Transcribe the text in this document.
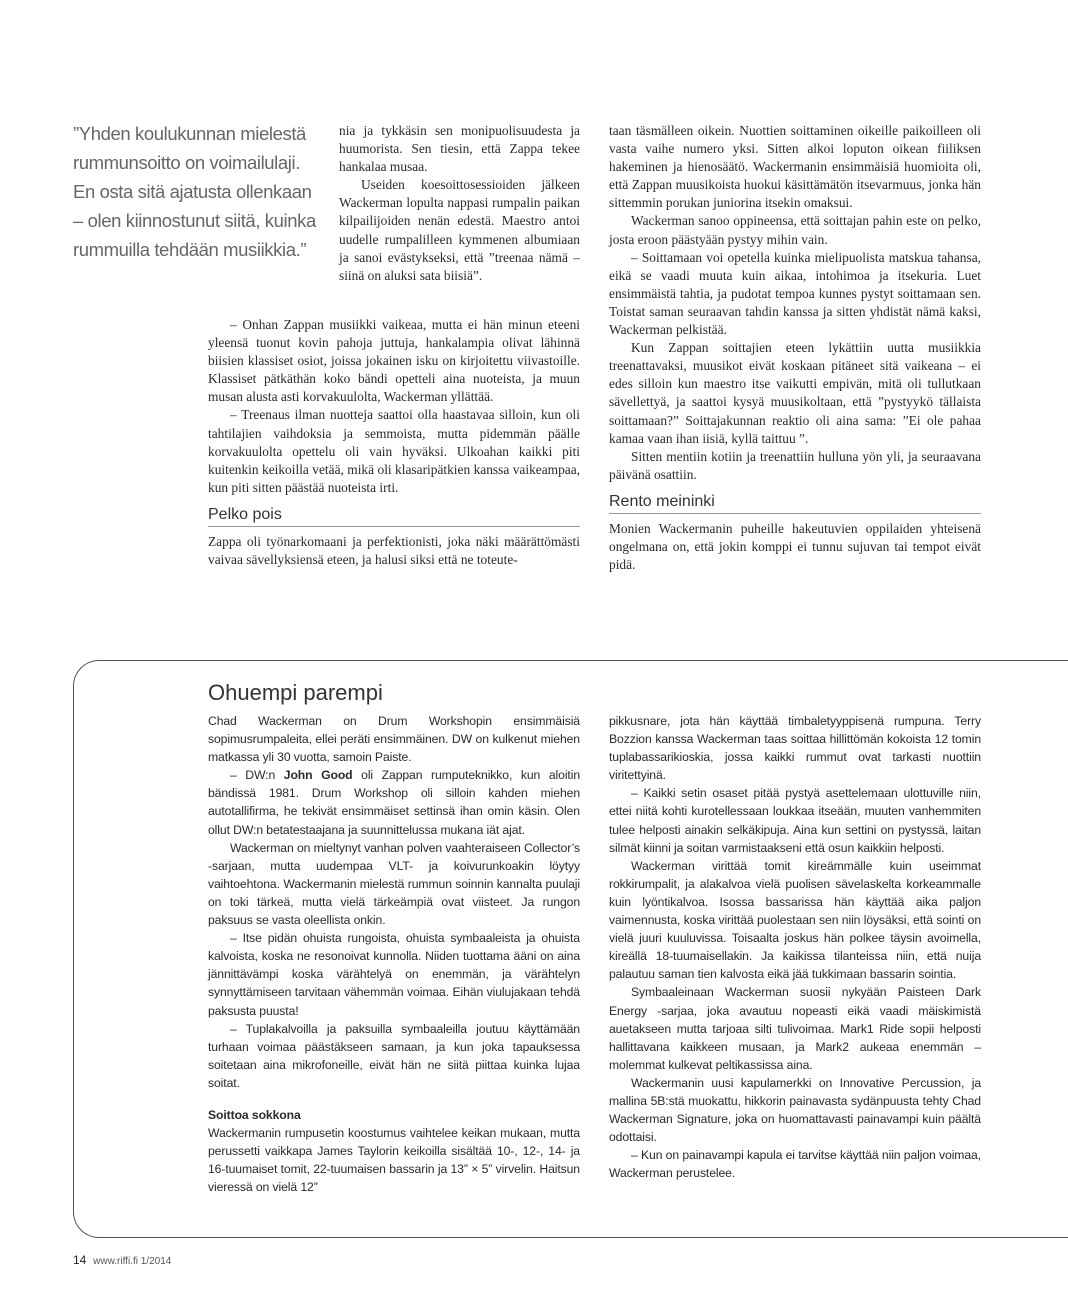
”Yhden koulukunnan mielestä rummunsoitto on voimailulaji. En osta sitä ajatusta ollenkaan – olen kiinnostunut siitä, kuinka rummuilla tehdään musiikkia.”

nia ja tykkäsin sen monipuolisuudesta ja huumorista. Sen tiesin, että Zappa tekee hankalaa musaa.

Useiden koesoittosessioiden jälkeen Wackerman lopulta nappasi rumpalin paikan kilpailijoiden nenän edestä. Maestro antoi uudelle rumpalilleen kymmenen albumiaan ja sanoi evästykseksi, että ”treenaa nämä – siinä on aluksi sata biisiä”.

– Onhan Zappan musiikki vaikeaa, mutta ei hän minun eteeni yleensä tuonut kovin pahoja juttuja, hankalampia olivat lähinnä biisien klassiset osiot, joissa jokainen isku on kirjoitettu viivastoille. Klassiset pätkäthän koko bändi opetteli aina nuoteista, ja muun musan alusta asti korvakuulolta, Wackerman yllättää.

– Treenaus ilman nuotteja saattoi olla haastavaa silloin, kun oli tahtilajien vaihdoksia ja semmoista, mutta pidemmän päälle korvakuulolta opettelu oli vain hyväksi. Ulkoahan kaikki piti kuitenkin keikoilla vetää, mikä oli klasaripätkien kanssa vaikeampaa, kun piti sitten päästää nuoteista irti.

Pelko pois

Zappa oli työnarkomaani ja perfektionisti, joka näki määrättömästi vaivaa sävellyksiensä eteen, ja halusi siksi että ne toteute-

taan täsmälleen oikein. Nuottien soittaminen oikeille paikoilleen oli vasta vaihe numero yksi. Sitten alkoi loputon oikean fiiliksen hakeminen ja hienosäätö. Wackermanin ensimmäisiä huomioita oli, että Zappan muusikoista huokui käsittämätön itsevarmuus, jonka hän sittemmin porukan juniorina itsekin omaksui.

Wackerman sanoo oppineensa, että soittajan pahin este on pelko, josta eroon päästyään pystyy mihin vain.

– Soittamaan voi opetella kuinka mielipuolista matskua tahansa, eikä se vaadi muuta kuin aikaa, intohimoa ja itsekuria. Luet ensimmäistä tahtia, ja pudotat tempoa kunnes pystyt soittamaan sen. Toistat saman seuraavan tahdin kanssa ja sitten yhdistät nämä kaksi, Wackerman pelkistää.

Kun Zappan soittajien eteen lykättiin uutta musiikkia treenattavaksi, muusikot eivät koskaan pitäneet sitä vaikeana – ei edes silloin kun maestro itse vaikutti empivän, mitä oli tullutkaan sävellettyä, ja saattoi kysyä muusikoltaan, että ”pystyykö tällaista soittamaan?” Soittajakunnan reaktio oli aina sama: ”Ei ole pahaa kamaa vaan ihan iisiä, kyllä taittuu ”.

Sitten mentiin kotiin ja treenattiin hulluna yön yli, ja seuraavana päivänä osattiin.

Rento meininki

Monien Wackermanin puheille hakeutuvien oppilaiden yhteisenä ongelmana on, että jokin komppi ei tunnu sujuvan tai tempot eivät pidä.

Ohuempi parempi

Chad Wackerman on Drum Workshopin ensimmäisiä sopimusrumpaleita, ellei peräti ensimmäinen. DW on kulkenut miehen matkassa yli 30 vuotta, samoin Paiste.

– DW:n John Good oli Zappan rumputeknikko, kun aloitin bändissä 1981. Drum Workshop oli silloin kahden miehen autotallifirma, he tekivät ensimmäiset settinsä ihan omin käsin. Olen ollut DW:n betatestaajana ja suunnittelussa mukana iät ajat.

Wackerman on mieltynyt vanhan polven vaahteraiseen Collector’s -sarjaan, mutta uudempaa VLT- ja koivurunkoakin löytyy vaihtoehtona. Wackermanin mielestä rummun soinnin kannalta puulaji on toki tärkeä, mutta vielä tärkeämpiä ovat viisteet. Ja rungon paksuus se vasta oleellista onkin.

– Itse pidän ohuista rungoista, ohuista symbaaleista ja ohuista kalvoista, koska ne resonoivat kunnolla. Niiden tuottama ääni on aina jännittävämpi koska värähtelyä on enemmän, ja värähtelyn synnyttämiseen tarvitaan vähemmän voimaa. Eihän viulujakaan tehdä paksusta puusta!

– Tuplakalvoilla ja paksuilla symbaaleilla joutuu käyttämään turhaan voimaa päästäkseen samaan, ja kun joka tapauksessa soitetaan aina mikrofoneille, eivät hän ne siitä piittaa kuinka lujaa soitat.

Soittoa sokkona

Wackermanin rumpusetin koostumus vaihtelee keikan mukaan, mutta perussetti vaikkapa James Taylorin keikoilla sisältää 10-, 12-, 14- ja 16-tuumaiset tomit, 22-tuumaisen bassarin ja 13” × 5” virvelin. Haitsun vieressä on vielä 12”

pikkusnare, jota hän käyttää timbaletyyppisenä rumpuna. Terry Bozzion kanssa Wackerman taas soittaa hillittömän kokoista 12 tomin tuplabassarikioskia, jossa kaikki rummut ovat tarkasti nuottiin viritettyinä.

– Kaikki setin osaset pitää pystyä asettelemaan ulottuville niin, ettei niitä kohti kurotellessaan loukkaa itseään, muuten vanhemmiten tulee helposti ainakin selkäkipuja. Aina kun settini on pystyssä, laitan silmät kiinni ja soitan varmistaakseni että osun kaikkiin helposti.

Wackerman virittää tomit kireämmälle kuin useimmat rokkirumpalit, ja alakalvoa vielä puolisen sävelaskelta korkeammalle kuin lyöntikalvoa. Isossa bassarissa hän käyttää aika paljon vaimennusta, koska virittää puolestaan sen niin löysäksi, että sointi on vielä juuri kuuluvissa. Toisaalta joskus hän polkee täysin avoimella, kireällä 18-tuumaisellakin. Ja kaikissa tilanteissa niin, että nuija palautuu saman tien kalvosta eikä jää tukkimaan bassarin sointia.

Symbaaleinaan Wackerman suosii nykyään Paisteen Dark Energy -sarjaa, joka avautuu nopeasti eikä vaadi mäiskimistä auetakseen mutta tarjoaa silti tulivoimaa. Mark1 Ride sopii helposti hallittavana kaikkeen musaan, ja Mark2 aukeaa enemmän – molemmat kulkevat peltikassissa aina.

Wackermanin uusi kapulamerkki on Innovative Percussion, ja mallina 5B:stä muokattu, hikkorin painavasta sydänpuusta tehty Chad Wackerman Signature, joka on huomattavasti painavampi kuin päältä odottaisi.

– Kun on painavampi kapula ei tarvitse käyttää niin paljon voimaa, Wackerman perustelee.

14 www.riffi.fi 1/2014
